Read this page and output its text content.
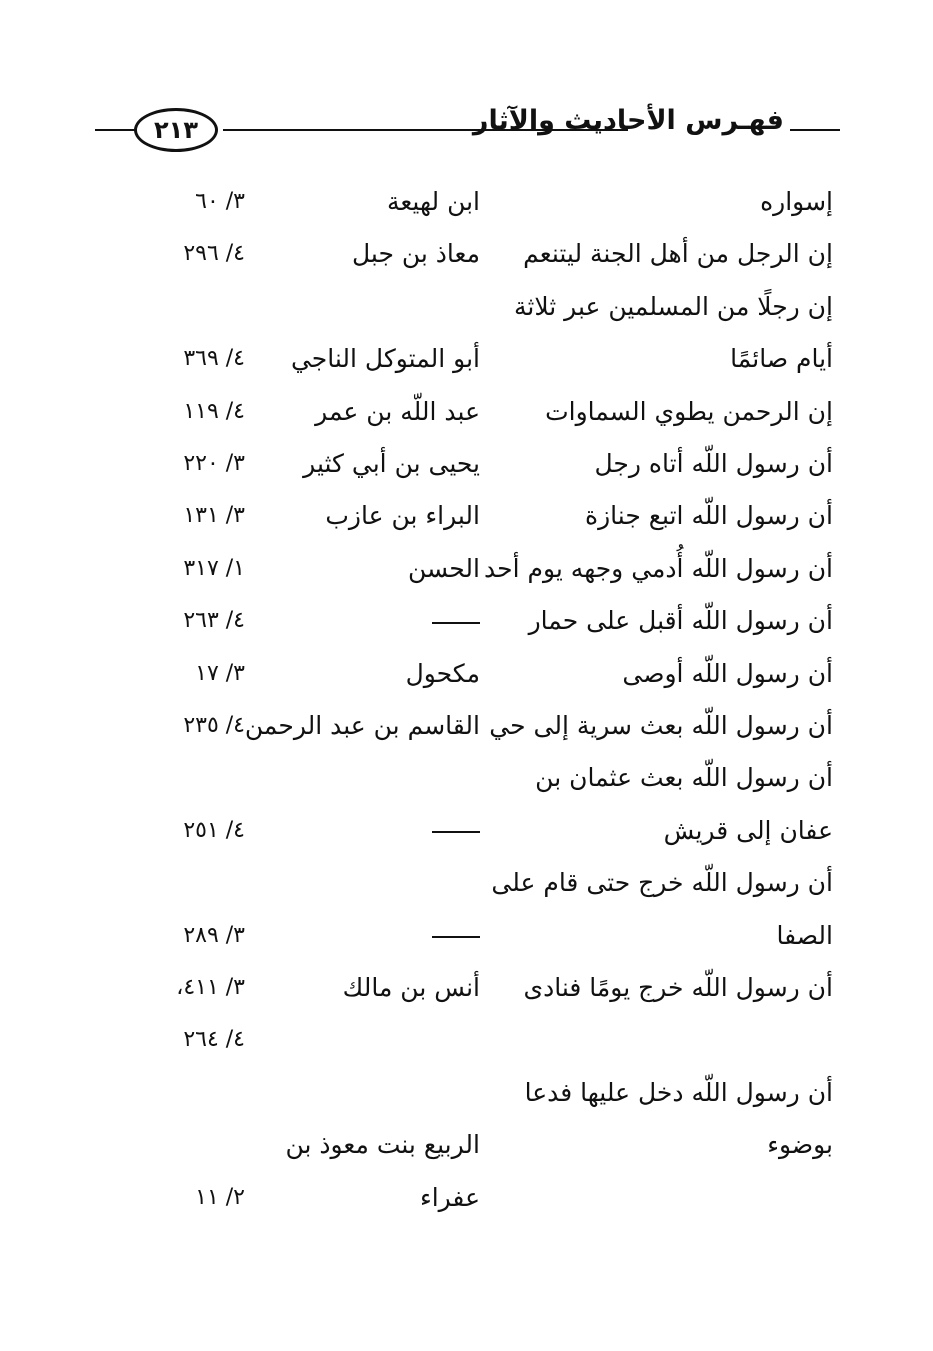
٢١٣	فهـرس الأحاديث والآثار
إسواره
ابن لهيعة
٣/ ٦٠
إن الرجل من أهل الجنة ليتنعم
معاذ بن جبل
٤/ ٢٩٦
إن رجلًا من المسلمين عبر ثلاثة
أيام صائمًا
أبو المتوكل الناجي
٤/ ٣٦٩
إن الرحمن يطوي السماوات
عبد اللّه بن عمر
٤/ ١١٩
أن رسول اللّه أتاه رجل
يحيى بن أبي كثير
٣/ ٢٢٠
أن رسول اللّه اتبع جنازة
البراء بن عازب
٣/ ١٣١
أن رسول اللّه أُدمي وجهه يوم أحد
الحسن
١/ ٣١٧
أن رسول اللّه أقبل على حمار
٤/ ٢٦٣
أن رسول اللّه أوصى
مكحول
٣/ ١٧
أن رسول اللّه بعث سرية إلى حي
القاسم بن عبد الرحمن
٤/ ٢٣٥
أن رسول اللّه بعث عثمان بن
عفان إلى قريش
٤/ ٢٥١
أن رسول اللّه خرج حتى قام على
الصفا
٣/ ٢٨٩
أن رسول اللّه خرج يومًا فنادى
أنس بن مالك
٣/ ٤١١،
٤/ ٢٦٤
أن رسول اللّه دخل عليها فدعا
بوضوء
الربيع بنت معوذ بن
عفراء
٢/ ١١
